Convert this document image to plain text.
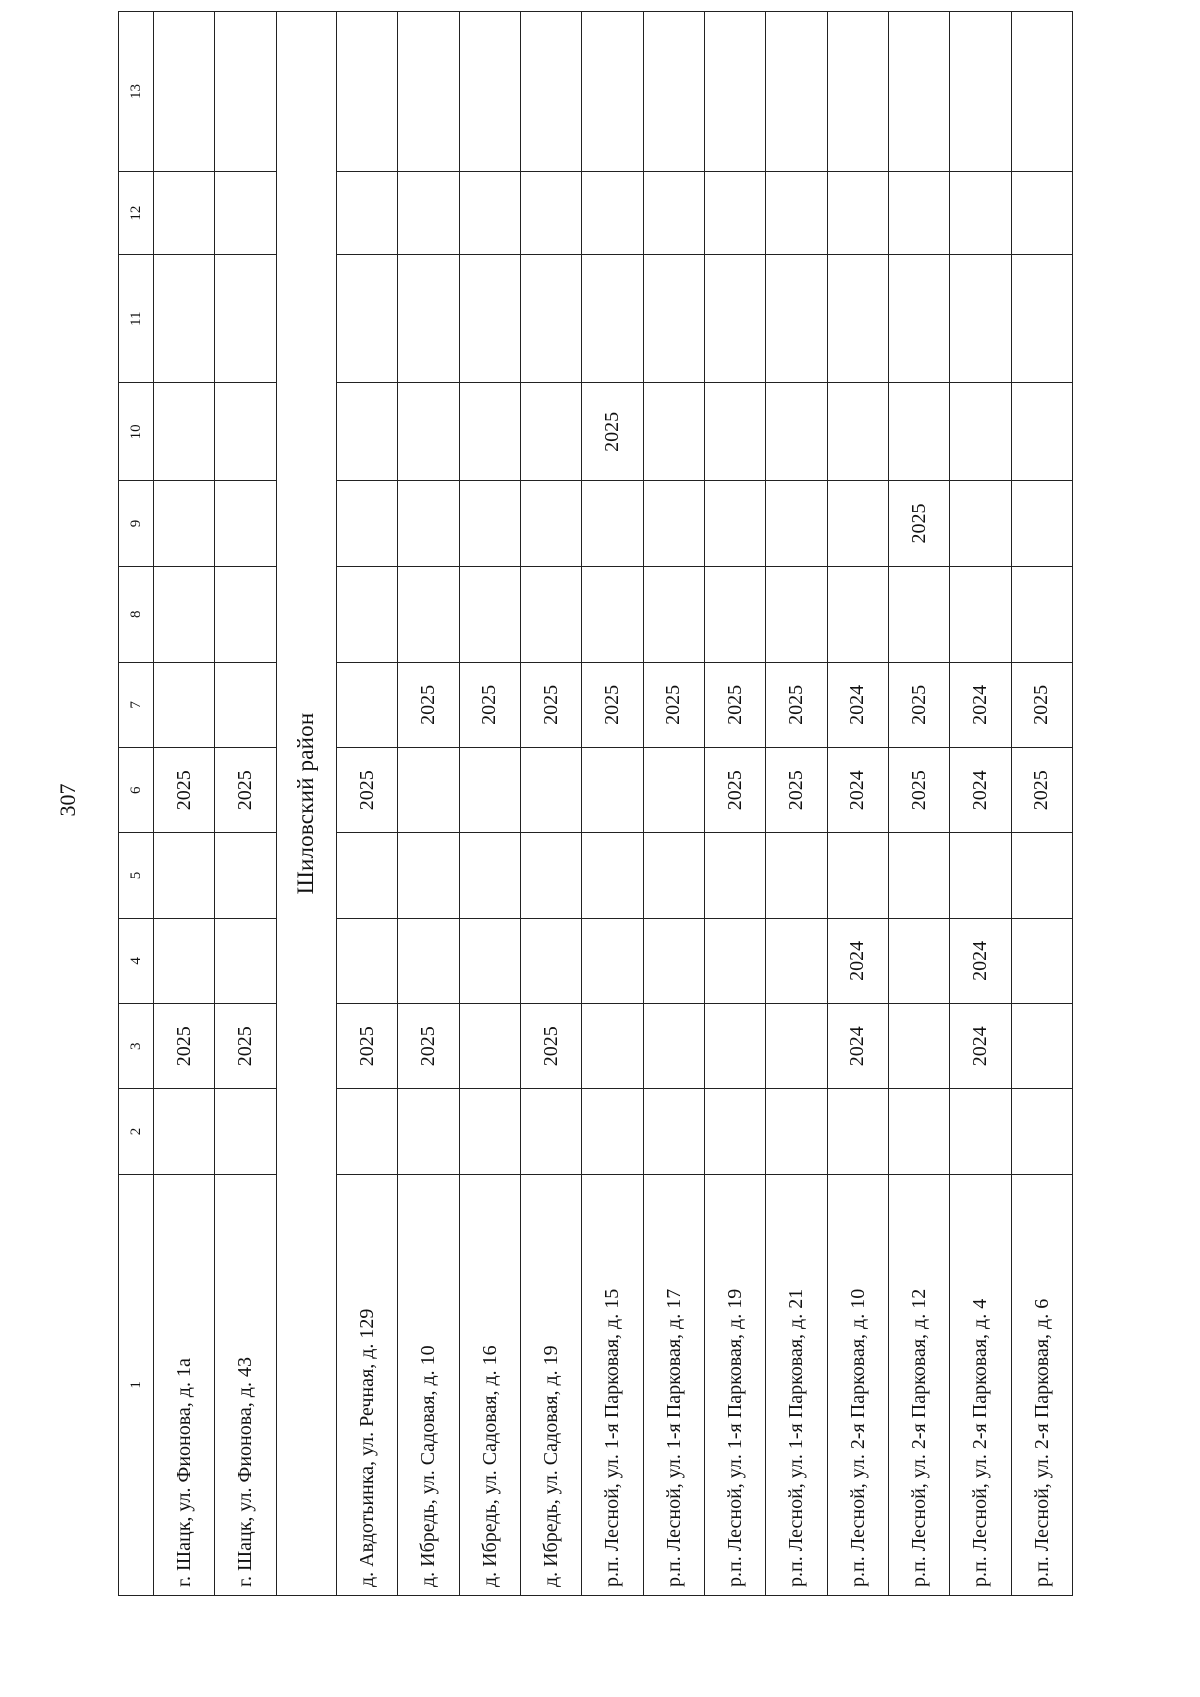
307
1	2	3	4	5	6	7	8	9	10	11	12	13
г. Шацк, ул. Фионова, д. 1а		2025			2025							
г. Шацк, ул. Фионова, д. 43		2025			2025							
Шиловский район												
д. Авдотьинка, ул. Речная, д. 129		2025			2025							
д. Ибредь, ул. Садовая, д. 10		2025				2025						
д. Ибредь, ул. Садовая, д. 16						2025						
д. Ибредь, ул. Садовая, д. 19		2025				2025						
р.п. Лесной, ул. 1-я Парковая, д. 15						2025			2025			
р.п. Лесной, ул. 1-я Парковая, д. 17						2025						
р.п. Лесной, ул. 1-я Парковая, д. 19					2025	2025						
р.п. Лесной, ул. 1-я Парковая, д. 21					2025	2025						
р.п. Лесной, ул. 2-я Парковая, д. 10		2024	2024		2024	2024						
р.п. Лесной, ул. 2-я Парковая, д. 12					2025	2025		2025				
р.п. Лесной, ул. 2-я Парковая, д. 4		2024	2024		2024	2024						
р.п. Лесной, ул. 2-я Парковая, д. 6					2025	2025						
